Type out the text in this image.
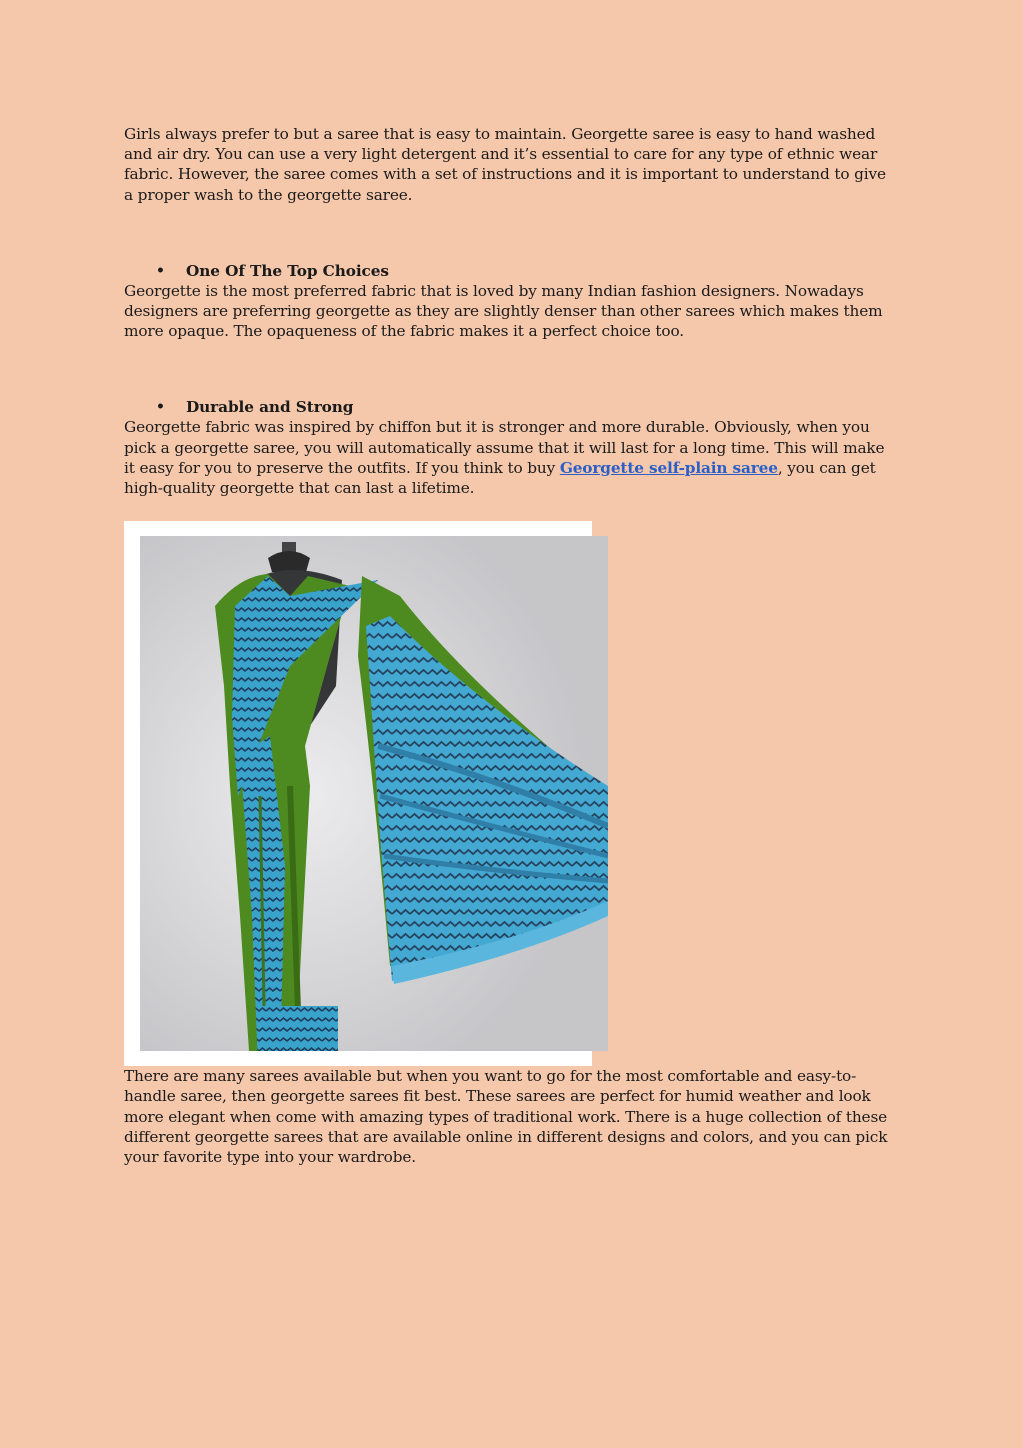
Girls always prefer to but a saree that is easy to maintain. Georgette saree is easy to hand washed and air dry. You can use a very light detergent and it’s essential to care for any type of ethnic wear fabric. However, the saree comes with a set of instructions and it is important to understand to give a proper wash to the georgette saree.

•	One Of The Top Choices

Georgette is the most preferred fabric that is loved by many Indian fashion designers. Nowadays designers are preferring georgette as they are slightly denser than other sarees which makes them more opaque. The opaqueness of the fabric makes it a perfect choice too.

•	Durable and Strong

Georgette fabric was inspired by chiffon but it is stronger and more durable. Obviously, when you pick a georgette saree, you will automatically assume that it will last for a long time. This will make it easy for you to preserve the outfits. If you think to buy Georgette self-plain saree, you can get high-quality georgette that can last a lifetime.

There are many sarees available but when you want to go for the most comfortable and easy-to-handle saree, then georgette sarees fit best. These sarees are perfect for humid weather and look more elegant when come with amazing types of traditional work. There is a huge collection of these different georgette sarees that are available online in different designs and colors, and you can pick your favorite type into your wardrobe.
